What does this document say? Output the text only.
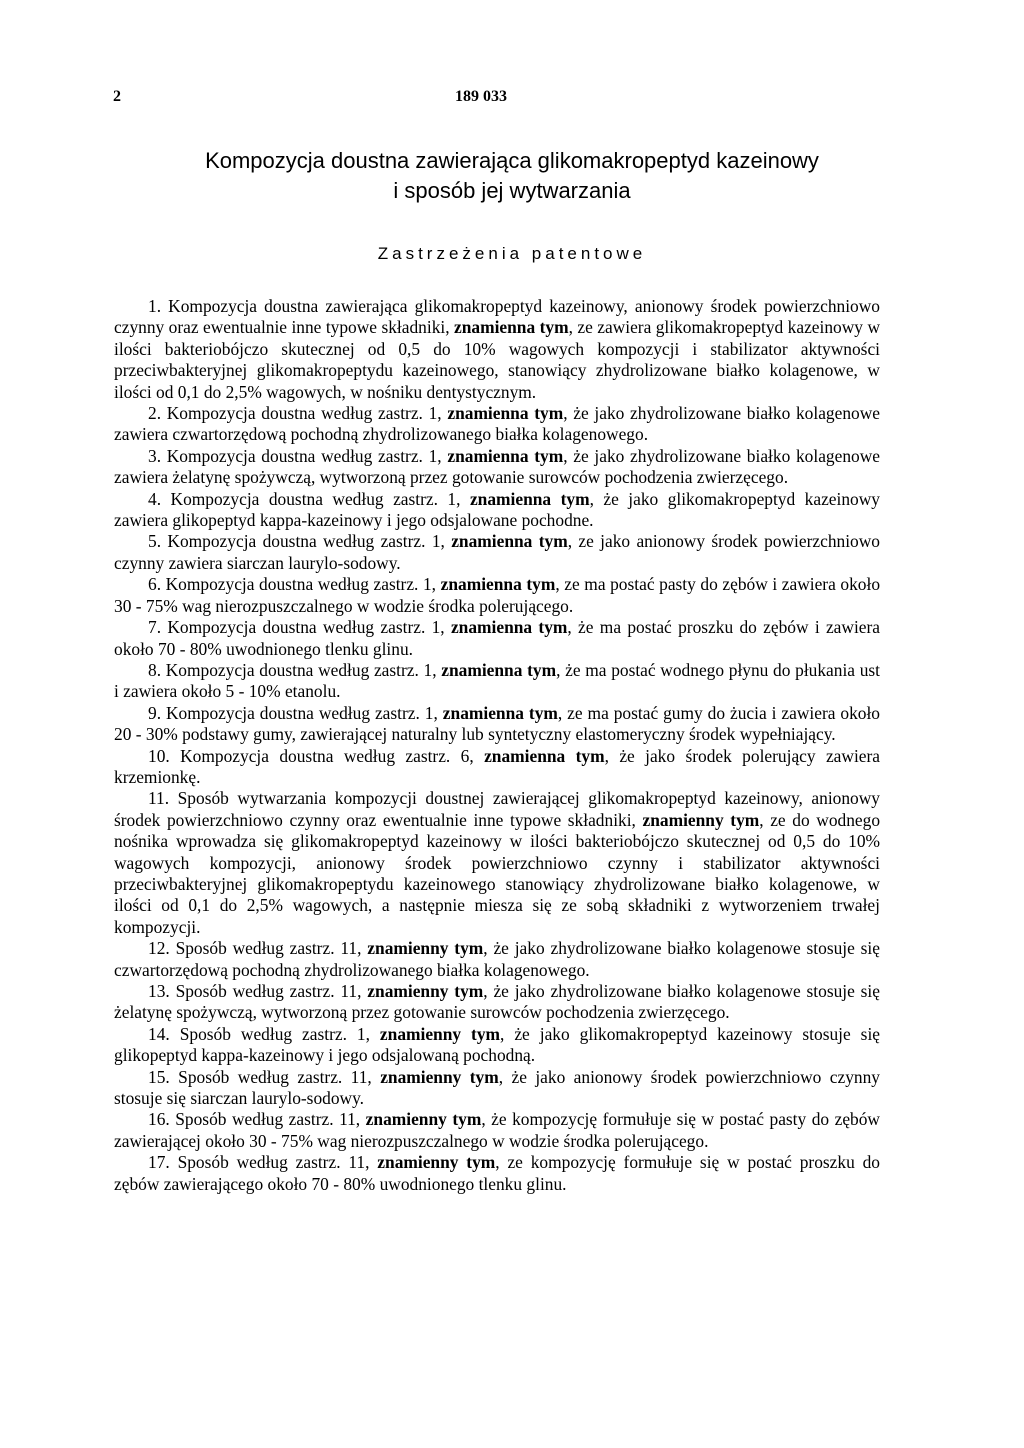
2	189 033
Kompozycja doustna zawierająca glikomakropeptyd kazeinowy
i sposób jej wytwarzania
Zastrzeżenia patentowe

1. Kompozycja doustna zawierająca glikomakropeptyd kazeinowy, anionowy środek powierzchniowo czynny oraz ewentualnie inne typowe składniki, znamienna tym, ze zawiera glikomakropeptyd kazeinowy w ilości bakteriobójczo skutecznej od 0,5 do 10% wagowych kompozycji i stabilizator aktywności przeciwbakteryjnej glikomakropeptydu kazeinowego, stanowiący zhydrolizowane białko kolagenowe, w ilości od 0,1 do 2,5% wagowych, w nośniku dentystycznym.

2. Kompozycja doustna według zastrz. 1, znamienna tym, że jako zhydrolizowane białko kolagenowe zawiera czwartorzędową pochodną zhydrolizowanego białka kolagenowego.

3. Kompozycja doustna według zastrz. 1, znamienna tym, że jako zhydrolizowane białko kolagenowe zawiera żelatynę spożywczą, wytworzoną przez gotowanie surowców pochodzenia zwierzęcego.

4. Kompozycja doustna według zastrz. 1, znamienna tym, że jako glikomakropeptyd kazeinowy zawiera glikopeptyd kappa-kazeinowy i jego odsjalowane pochodne.

5. Kompozycja doustna według zastrz. 1, znamienna tym, ze jako anionowy środek powierzchniowo czynny zawiera siarczan laurylo-sodowy.

6. Kompozycja doustna według zastrz. 1, znamienna tym, ze ma postać pasty do zębów i zawiera około 30 - 75% wag nierozpuszczalnego w wodzie środka polerującego.

7. Kompozycja doustna według zastrz. 1, znamienna tym, że ma postać proszku do zębów i zawiera około 70 - 80% uwodnionego tlenku glinu.

8. Kompozycja doustna według zastrz. 1, znamienna tym, że ma postać wodnego płynu do płukania ust i zawiera około 5 - 10% etanolu.

9. Kompozycja doustna według zastrz. 1, znamienna tym, ze ma postać gumy do żucia i zawiera około 20 - 30% podstawy gumy, zawierającej naturalny lub syntetyczny elastomeryczny środek wypełniający.

10. Kompozycja doustna według zastrz. 6, znamienna tym, że jako środek polerujący zawiera krzemionkę.

11. Sposób wytwarzania kompozycji doustnej zawierającej glikomakropeptyd kazeinowy, anionowy środek powierzchniowo czynny oraz ewentualnie inne typowe składniki, znamienny tym, ze do wodnego nośnika wprowadza się glikomakropeptyd kazeinowy w ilości bakteriobójczo skutecznej od 0,5 do 10% wagowych kompozycji, anionowy środek powierzchniowo czynny i stabilizator aktywności przeciwbakteryjnej glikomakropeptydu kazeinowego stanowiący zhydrolizowane białko kolagenowe, w ilości od 0,1 do 2,5% wagowych, a następnie miesza się ze sobą składniki z wytworzeniem trwałej kompozycji.

12. Sposób według zastrz. 11, znamienny tym, że jako zhydrolizowane białko kolagenowe stosuje się czwartorzędową pochodną zhydrolizowanego białka kolagenowego.

13. Sposób według zastrz. 11, znamienny tym, że jako zhydrolizowane białko kolagenowe stosuje się żelatynę spożywczą, wytworzoną przez gotowanie surowców pochodzenia zwierzęcego.

14. Sposób według zastrz. 1, znamienny tym, że jako glikomakropeptyd kazeinowy stosuje się glikopeptyd kappa-kazeinowy i jego odsjalowaną pochodną.

15. Sposób według zastrz. 11, znamienny tym, że jako anionowy środek powierzchniowo czynny stosuje się siarczan laurylo-sodowy.

16. Sposób według zastrz. 11, znamienny tym, że kompozycję formułuje się w postać pasty do zębów zawierającej około 30 - 75% wag nierozpuszczalnego w wodzie środka polerującego.

17. Sposób według zastrz. 11, znamienny tym, ze kompozycję formułuje się w postać proszku do zębów zawierającego około 70 - 80% uwodnionego tlenku glinu.
